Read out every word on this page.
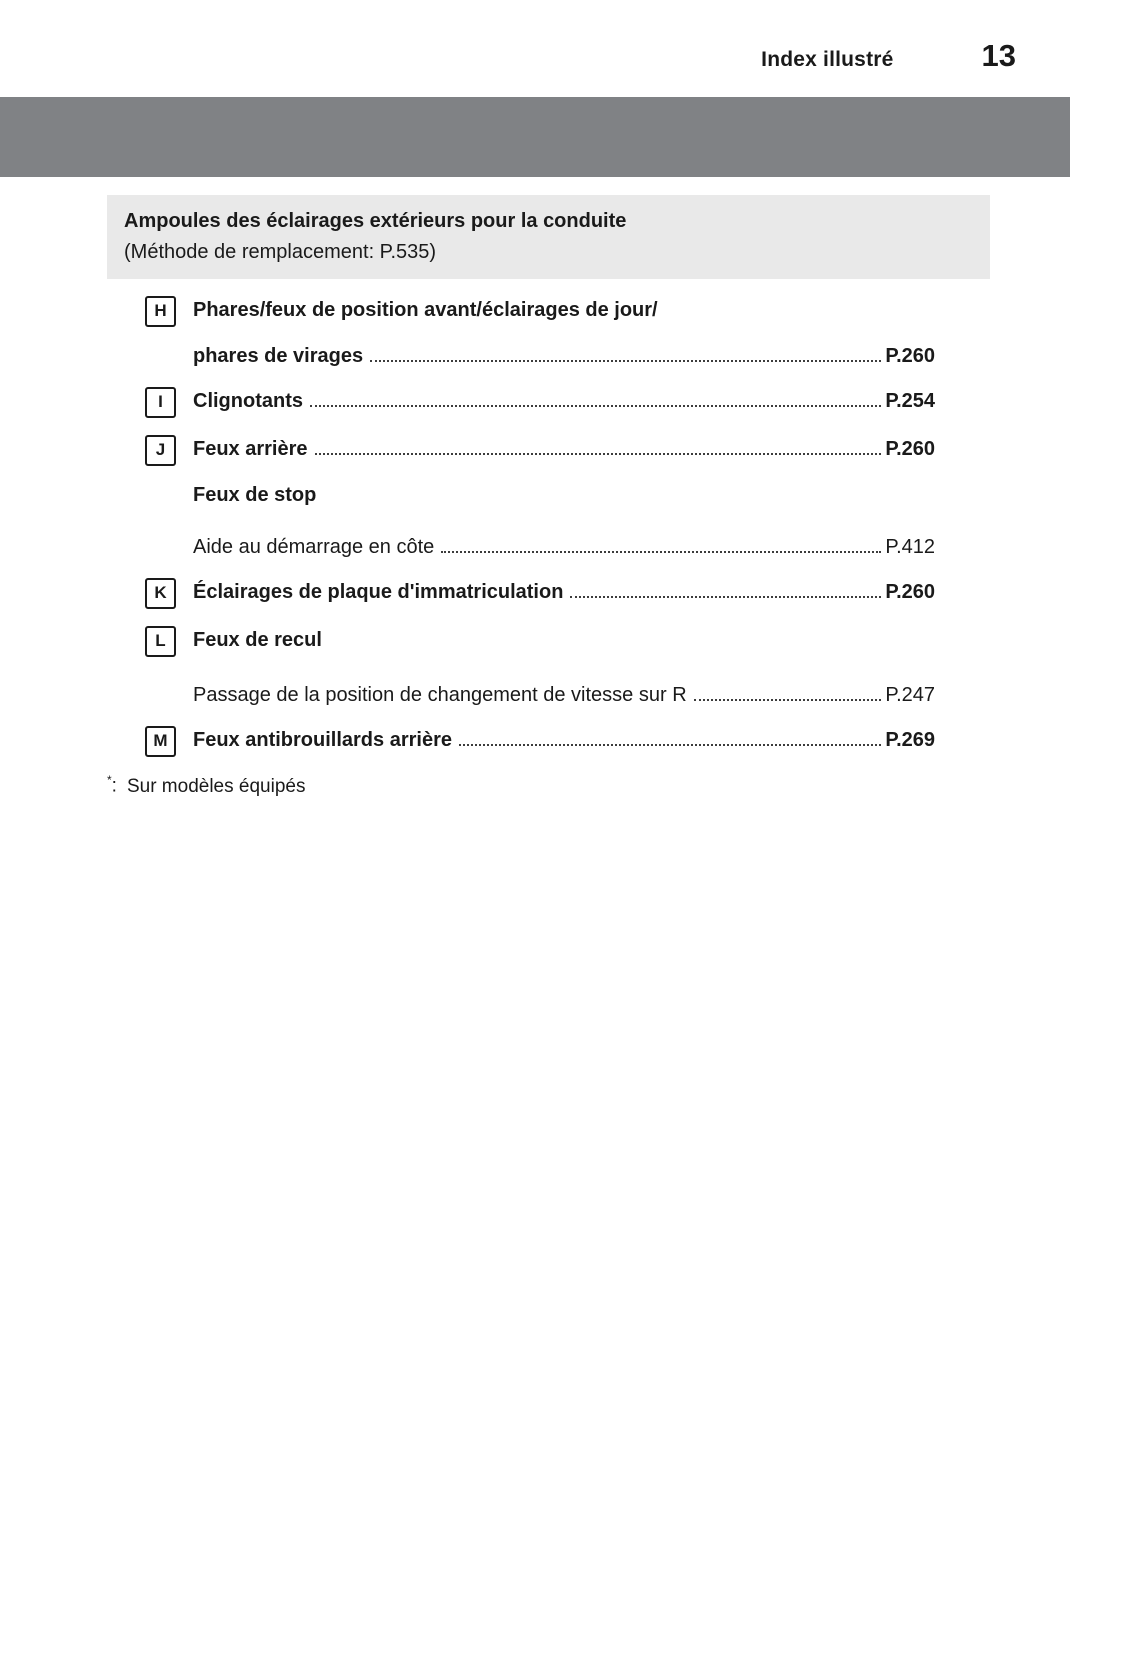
Index illustré	13
Ampoules des éclairages extérieurs pour la conduite
(Méthode de remplacement: P.535)
H	Phares/feux de position avant/éclairages de jour/
phares de virages	P.260
I	Clignotants	P.254
J	Feux arrière	P.260
Feux de stop
Aide au démarrage en côte	P.412
K	Éclairages de plaque d'immatriculation	P.260
L	Feux de recul
Passage de la position de changement de vitesse sur R	P.247
M	Feux antibrouillards arrière	P.269
*: Sur modèles équipés
